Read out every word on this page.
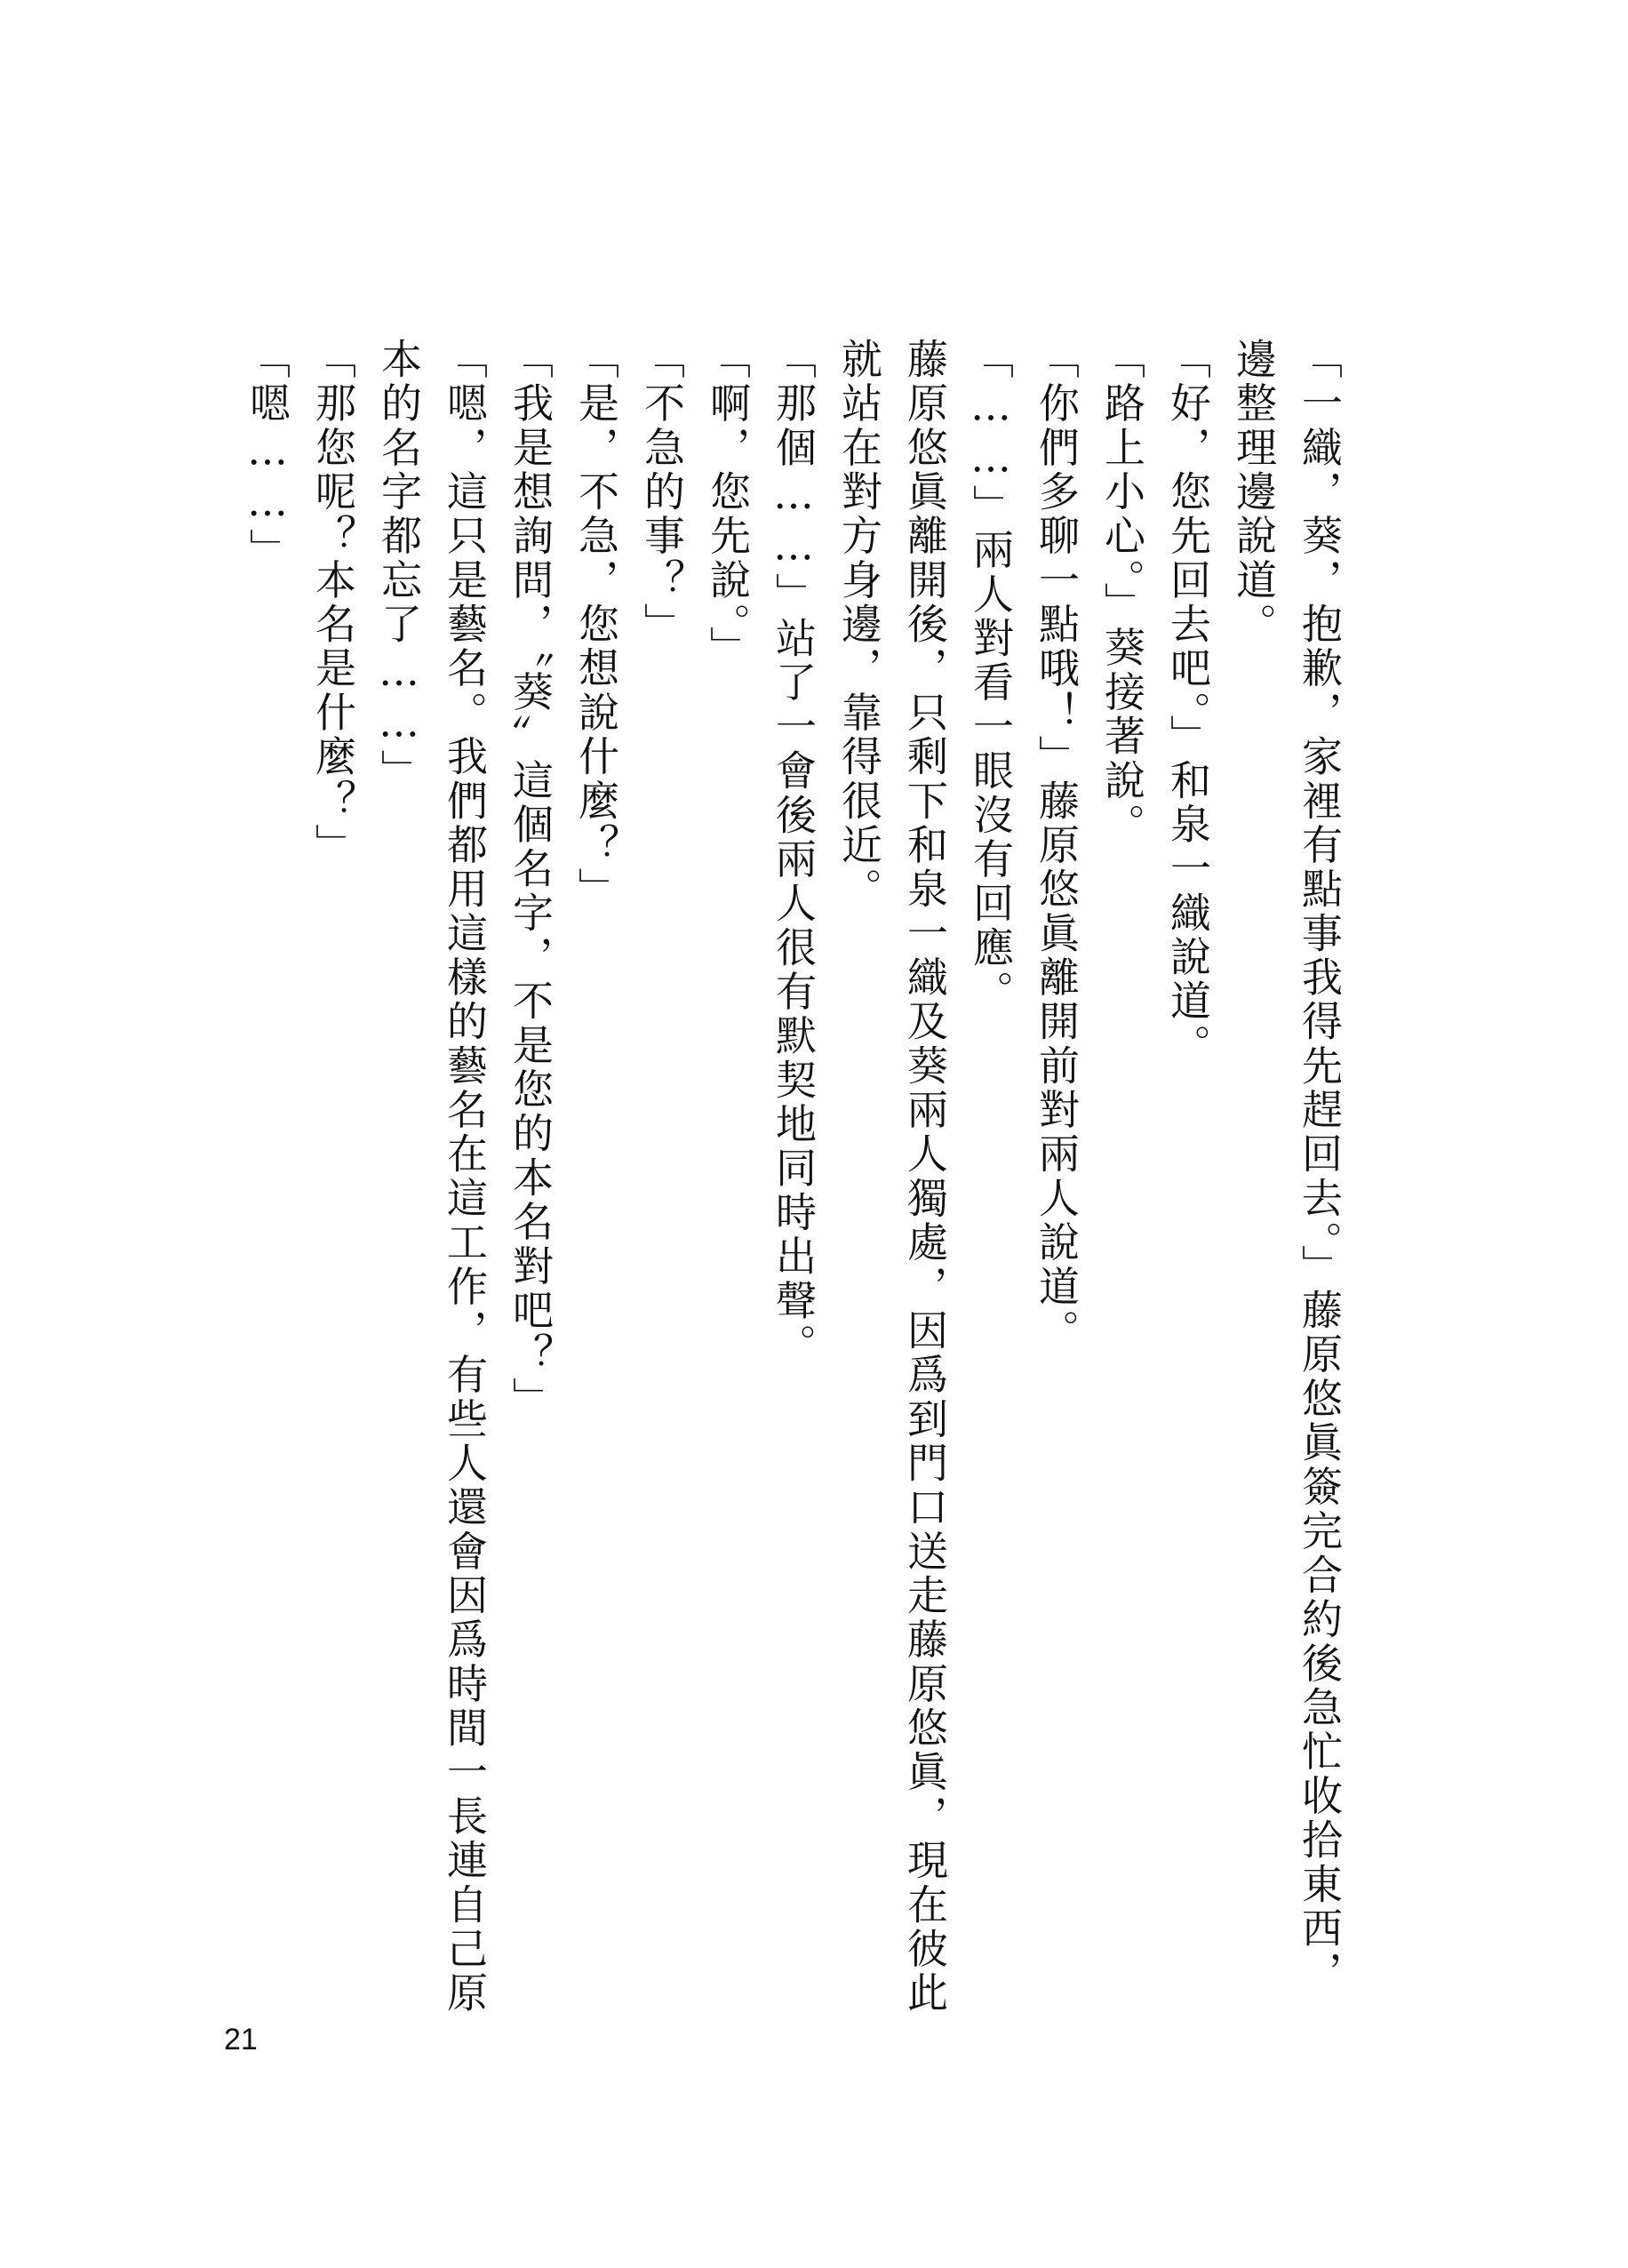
「一織，葵，抱歉，家裡有點事我得先趕回去。」藤原悠眞簽完合約後急忙收拾東西，邊整理邊說道。

「好，您先回去吧。」和泉一織說道。

「路上小心。」葵接著說。

「你們多聊一點哦！」藤原悠眞離開前對兩人說道。

「……」兩人對看一眼沒有回應。

藤原悠眞離開後，只剩下和泉一織及葵兩人獨處，因爲到門口送走藤原悠眞，現在彼此就站在對方身邊，靠得很近。

「那個……」站了一會後兩人很有默契地同時出聲。

「啊，您先說。」

「不急的事？」

「是，不急，您想說什麼？」

「我是想詢問，〝葵〞這個名字，不是您的本名對吧？」

「嗯，這只是藝名。我們都用這樣的藝名在這工作，有些人還會因爲時間一長連自己原本的名字都忘了……」

「那您呢？本名是什麼？」

「嗯……」

21
